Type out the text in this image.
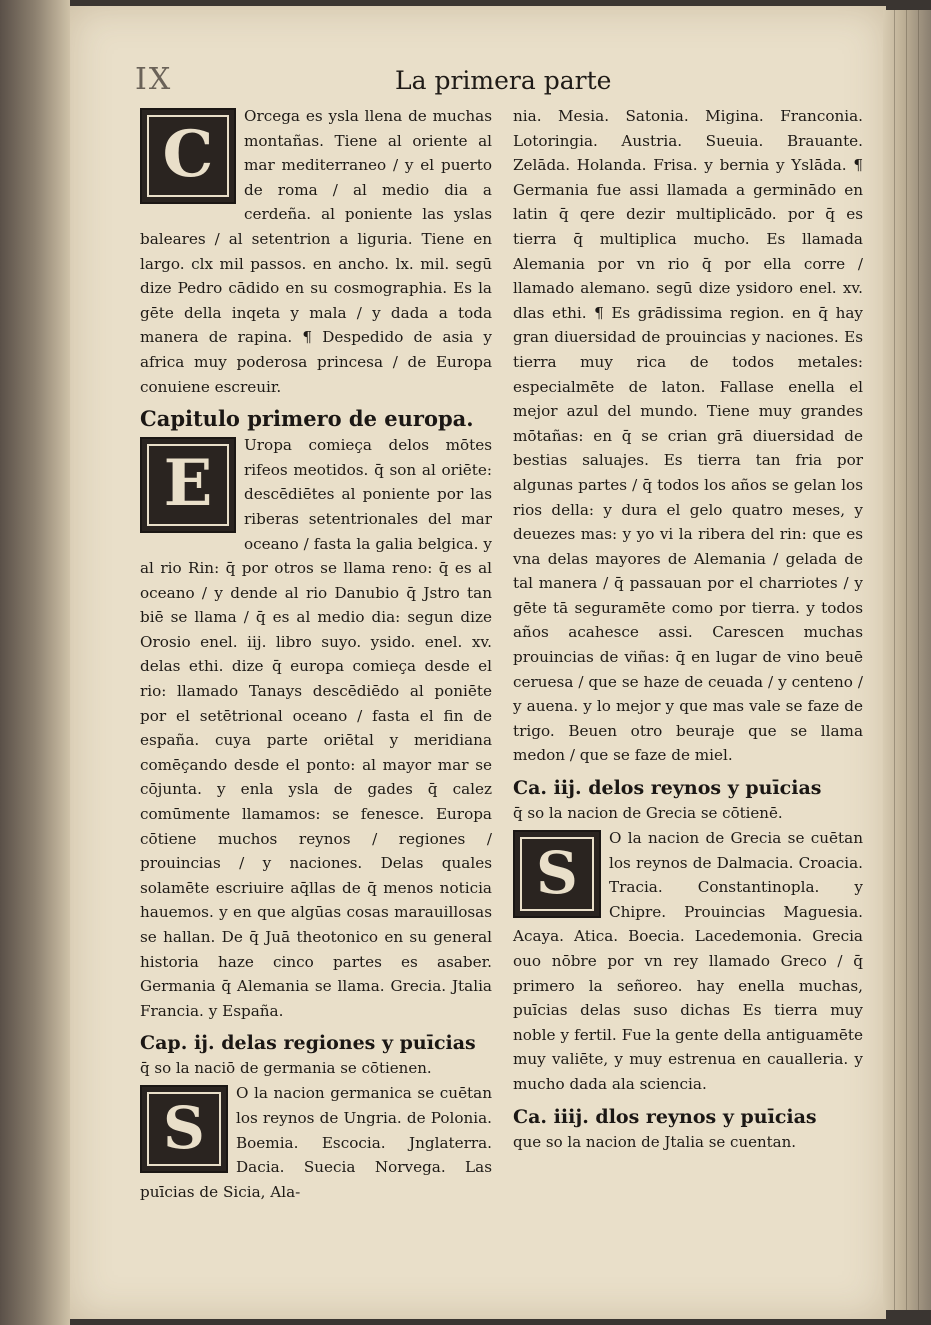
IX	La primera parte

C
Orcega es ysla llena de muchas montañas. Tiene al oriente al mar mediterraneo / y el puerto de roma / al medio dia a cerdeña. al poniente las yslas baleares / al setentrion a liguria. Tiene en largo. clx mil passos. en ancho. lx. mil. segū dize Pedro cādido en su cosmographia. Es la gēte della inqeta y mala / y dada a toda manera de rapina. ¶ Despedido de asia y africa muy poderosa princesa / de Europa conuiene escreuir.

Capitulo primero de europa.

E
Uropa comieça delos mōtes rifeos meotidos. q̄ son al oriēte: descēdiētes al poniente por las riberas setentrionales del mar oceano / fasta la galia belgica. y al rio Rin: q̄ por otros se llama reno: q̄ es al oceano / y dende al rio Danubio q̄ Jstro tan biē se llama / q̄ es al medio dia: segun dize Orosio enel. iij. libro suyo. ysido. enel. xv. delas ethi. dize q̄ europa comieça desde el rio: llamado Tanays descēdiēdo al poniēte por el setētrional oceano / fasta el fin de españa. cuya parte oriētal y meridiana comēçando desde el ponto: al mayor mar se cōjunta. y enla ysla de gades q̄ calez comūmente llamamos: se fenesce. Europa cōtiene muchos reynos / regiones / prouincias / y naciones. Delas quales solamēte escriuire aq̄llas de q̄ menos noticia hauemos. y en que algūas cosas marauillosas se hallan. De q̄ Juā theotonico en su general historia haze cinco partes es asaber. Germania q̄ Alemania se llama. Grecia. Jtalia Francia. y España.

Cap. ij. delas regiones y puīcias
q̄ so la naciō de germania se cōtienen.

S
O la nacion germanica se cuētan los reynos de Ungria. de Polonia. Boemia. Escocia. Jnglaterra. Dacia. Suecia Norvega. Las puīcias de Sicia, Ala-

nia. Mesia. Satonia. Migina. Franconia. Lotoringia. Austria. Sueuia. Brauante. Zelāda. Holanda. Frisa. y bernia y Yslāda. ¶ Germania fue assi llamada a germinādo en latin q̄ qere dezir multiplicādo. por q̄ es tierra q̄ multiplica mucho. Es llamada Alemania por vn rio q̄ por ella corre / llamado alemano. segū dize ysidoro enel. xv. dlas ethi. ¶ Es grādissima region. en q̄ hay gran diuersidad de prouincias y naciones. Es tierra muy rica de todos metales: especialmēte de laton. Fallase enella el mejor azul del mundo. Tiene muy grandes mōtañas: en q̄ se crian grā diuersidad de bestias saluajes. Es tierra tan fria por algunas partes / q̄ todos los años se gelan los rios della: y dura el gelo quatro meses, y deuezes mas: y yo vi la ribera del rin: que es vna delas mayores de Alemania / gelada de tal manera / q̄ passauan por el charriotes / y gēte tā seguramēte como por tierra. y todos años acahesce assi. Carescen muchas prouincias de viñas: q̄ en lugar de vino beuē ceruesa / que se haze de ceuada / y centeno / y auena. y lo mejor y que mas vale se faze de trigo. Beuen otro beuraje que se llama medon / que se faze de miel.

Ca. iij. delos reynos y puīcias
q̄ so la nacion de Grecia se cōtienē.

S
O la nacion de Grecia se cuētan los reynos de Dalmacia. Croacia. Tracia. Constantinopla. y Chipre. Prouincias Maguesia. Acaya. Atica. Boecia. Lacedemonia. Grecia ouo nōbre por vn rey llamado Greco / q̄ primero la señoreo. hay enella muchas, puīcias delas suso dichas Es tierra muy noble y fertil. Fue la gente della antiguamēte muy valiēte, y muy estrenua en caualleria. y mucho dada ala sciencia.

Ca. iiij. dlos reynos y puīcias
que so la nacion de Jtalia se cuentan.
